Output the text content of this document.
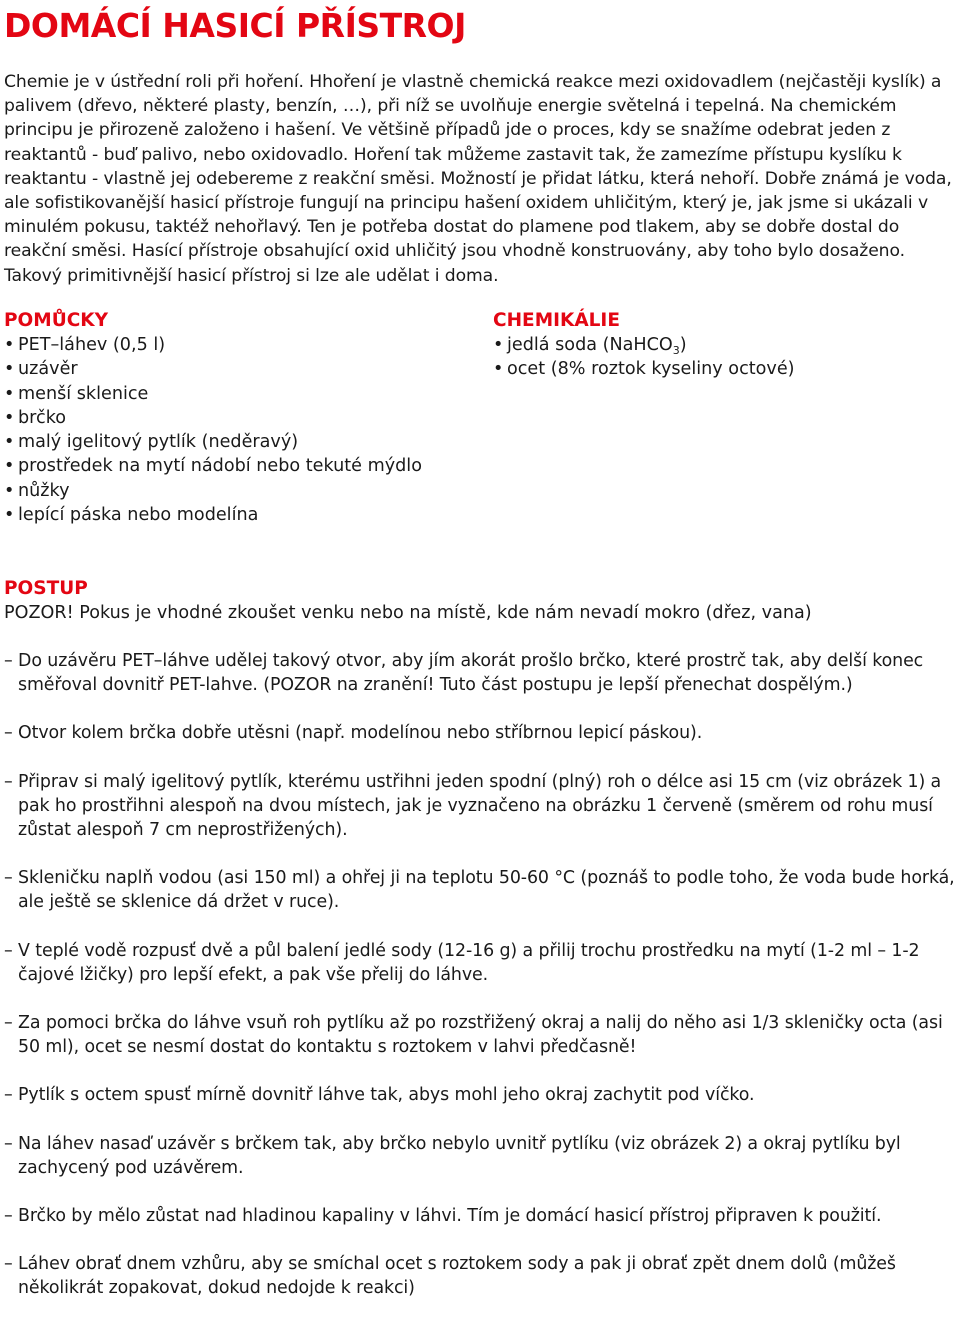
DOMÁCÍ HASICÍ PŘÍSTROJ

Chemie je v ústřední roli při hoření. Hhoření je vlastně chemická reakce mezi oxidovadlem (nejčastěji kyslík) a palivem (dřevo, některé plasty, benzín, …), při níž se uvolňuje energie světelná i tepelná. Na chemickém principu je přirozeně založeno i hašení. Ve většině případů jde o proces, kdy se snažíme odebrat jeden z reaktantů - buď palivo, nebo oxidovadlo. Hoření tak můžeme zastavit tak, že zamezíme přístupu kyslíku k reaktantu - vlastně jej odebereme z reakční směsi. Možností je přidat látku, která nehoří. Dobře známá je voda, ale sofistikovanější hasicí přístroje fungují na principu hašení oxidem uhličitým, který je, jak jsme si ukázali v minulém pokusu, taktéž nehořlavý. Ten je potřeba dostat do plamene pod tlakem, aby se dobře dostal do reakční směsi. Hasící přístroje obsahující oxid uhličitý jsou vhodně konstruovány, aby toho bylo dosaženo. Takový primitivnější hasicí přístroj si lze ale udělat i doma.

POMŮCKY

• PET–láhev (0,5 l)
• uzávěr
• menší sklenice
• brčko
• malý igelitový pytlík (neděravý)
• prostředek na mytí nádobí nebo tekuté mýdlo
• nůžky
• lepící páska nebo modelína

CHEMIKÁLIE

• jedlá soda (NaHCO$_3$)
• ocet (8% roztok kyseliny octové)

POSTUP

POZOR! Pokus je vhodné zkoušet venku nebo na místě, kde nám nevadí mokro (dřez, vana)

– Do uzávěru PET–láhve udělej takový otvor, aby jím akorát prošlo brčko, které prostrč tak, aby delší konec směřoval dovnitř PET-lahve. (POZOR na zranění! Tuto část postupu je lepší přenechat dospělým.)

– Otvor kolem brčka dobře utěsni (např. modelínou nebo stříbrnou lepicí páskou).

– Připrav si malý igelitový pytlík, kterému ustřihni jeden spodní (plný) roh o délce asi 15 cm (viz obrázek 1) a pak ho prostřihni alespoň na dvou místech, jak je vyznačeno na obrázku 1 červeně (směrem od rohu musí zůstat alespoň 7 cm neprostřižených).

– Skleničku naplň vodou (asi 150 ml) a ohřej ji na teplotu 50-60 °C (poznáš to podle toho, že voda bude horká, ale ještě se sklenice dá držet v ruce).

– V teplé vodě rozpusť dvě a půl balení jedlé sody (12-16 g) a přilij trochu prostředku na mytí (1-2 ml – 1-2 čajové lžičky) pro lepší efekt, a pak vše přelij do láhve.

– Za pomoci brčka do láhve vsuň roh pytlíku až po rozstřižený okraj a nalij do něho asi 1/3 skleničky octa (asi 50 ml), ocet se nesmí dostat do kontaktu s roztokem v lahvi předčasně!

– Pytlík s octem spusť mírně dovnitř láhve tak, abys mohl jeho okraj zachytit pod víčko.

– Na láhev nasaď uzávěr s brčkem tak, aby brčko nebylo uvnitř pytlíku (viz obrázek 2) a okraj pytlíku byl zachycený pod uzávěrem.

– Brčko by mělo zůstat nad hladinou kapaliny v láhvi. Tím je domácí hasicí přístroj připraven k použití.

– Láhev obrať dnem vzhůru, aby se smíchal ocet s roztokem sody a pak ji obrať zpět dnem dolů (můžeš několikrát zopakovat, dokud nedojde k reakci)
